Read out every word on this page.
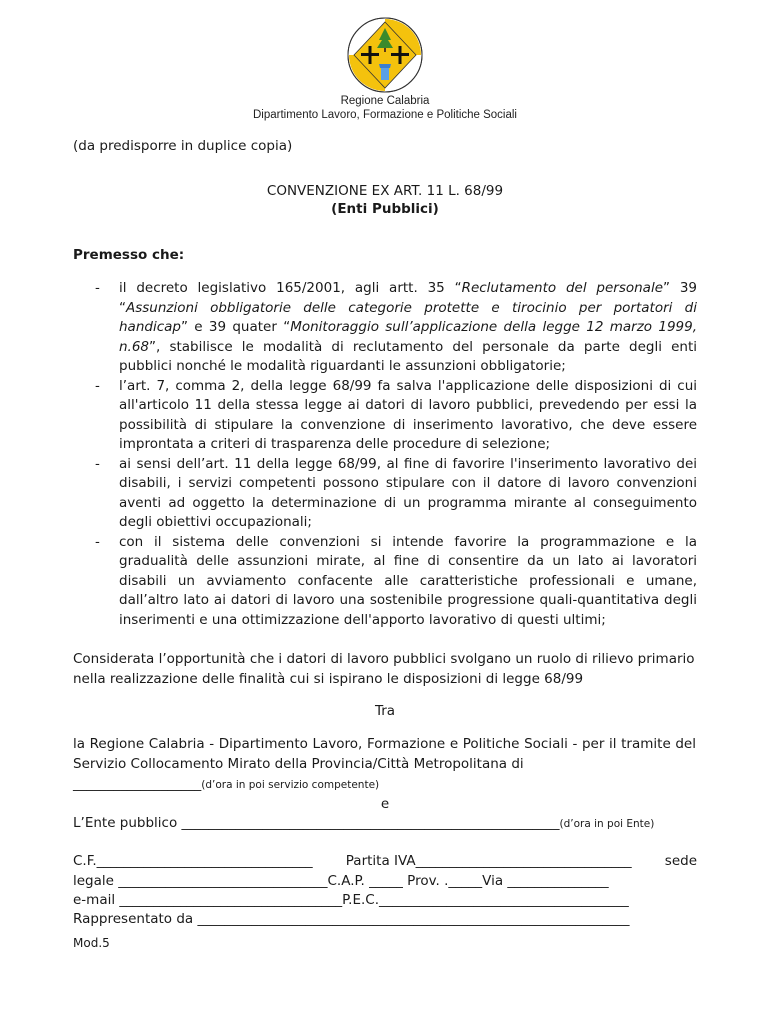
Regione Calabria
Dipartimento Lavoro, Formazione e Politiche Sociali
(da predisporre in duplice copia)
CONVENZIONE EX ART. 11 L. 68/99
(Enti Pubblici)
Premesso che:
- il decreto legislativo 165/2001, agli artt. 35 “Reclutamento del personale” 39 “Assunzioni obbligatorie delle categorie protette e tirocinio per portatori di handicap” e 39 quater “Monitoraggio sull’applicazione della legge 12 marzo 1999, n.68”, stabilisce le modalità di reclutamento del personale da parte degli enti pubblici nonché le modalità riguardanti le assunzioni obbligatorie;
- l’art. 7, comma 2, della legge 68/99 fa salva l'applicazione delle disposizioni di cui all'articolo 11 della stessa legge ai datori di lavoro pubblici, prevedendo per essi la possibilità di stipulare la convenzione di inserimento lavorativo, che deve essere improntata a criteri di trasparenza delle procedure di selezione;
- ai sensi dell’art. 11 della legge 68/99, al fine di favorire l'inserimento lavorativo dei disabili, i servizi competenti possono stipulare con il datore di lavoro convenzioni aventi ad oggetto la determinazione di un programma mirante al conseguimento degli obiettivi occupazionali;
- con il sistema delle convenzioni si intende favorire la programmazione e la gradualità delle assunzioni mirate, al fine di consentire da un lato ai lavoratori disabili un avviamento confacente alle caratteristiche professionali e umane, dall’altro lato ai datori di lavoro una sostenibile progressione quali-quantitativa degli inserimenti e una ottimizzazione dell'apporto lavorativo di questi ultimi;
Considerata l’opportunità che i datori di lavoro pubblici svolgano un ruolo di rilievo primario nella realizzazione delle finalità cui si ispirano le disposizioni di legge 68/99
Tra
la Regione Calabria - Dipartimento Lavoro, Formazione e Politiche Sociali - per il tramite del Servizio Collocamento Mirato della Provincia/Città Metropolitana di
___________________(d’ora in poi servizio competente)
e
L’Ente pubblico ________________________________________________________(d’ora in poi Ente)
C.F.________________________________ Partita IVA________________________________ sede
legale _______________________________C.A.P. _____ Prov. ._____Via _______________
e-mail _________________________________P.E.C._____________________________________
Rappresentato da ________________________________________________________________
Mod.5
